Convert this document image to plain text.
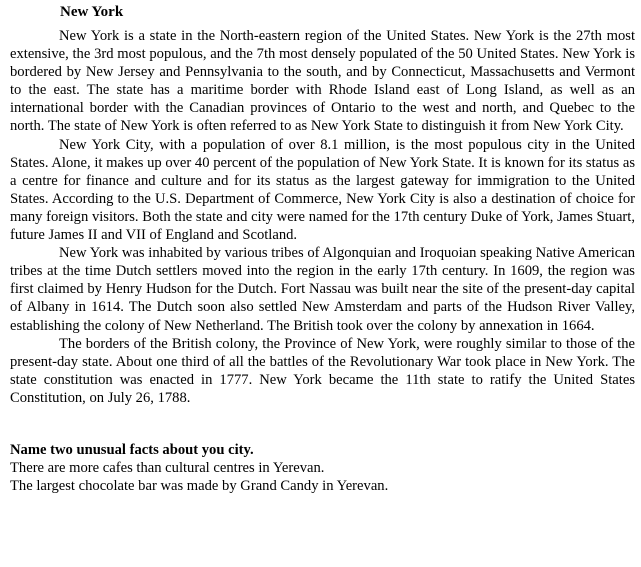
New York

New York is a state in the North-eastern region of the United States. New York is the 27th most extensive, the 3rd most populous, and the 7th most densely populated of the 50 United States. New York is bordered by New Jersey and Pennsylvania to the south, and by Connecticut, Massachusetts and Vermont to the east. The state has a maritime border with Rhode Island east of Long Island, as well as an international border with the Canadian provinces of Ontario to the west and north, and Quebec to the north. The state of New York is often referred to as New York State to distinguish it from New York City.

New York City, with a population of over 8.1 million, is the most populous city in the United States. Alone, it makes up over 40 percent of the population of New York State. It is known for its status as a centre for finance and culture and for its status as the largest gateway for immigration to the United States. According to the U.S. Department of Commerce, New York City is also a destination of choice for many foreign visitors. Both the state and city were named for the 17th century Duke of York, James Stuart, future James II and VII of England and Scotland.

New York was inhabited by various tribes of Algonquian and Iroquoian speaking Native American tribes at the time Dutch settlers moved into the region in the early 17th century. In 1609, the region was first claimed by Henry Hudson for the Dutch. Fort Nassau was built near the site of the present-day capital of Albany in 1614. The Dutch soon also settled New Amsterdam and parts of the Hudson River Valley, establishing the colony of New Netherland. The British took over the colony by annexation in 1664.

The borders of the British colony, the Province of New York, were roughly similar to those of the present-day state. About one third of all the battles of the Revolutionary War took place in New York. The state constitution was enacted in 1777. New York became the 11th state to ratify the United States Constitution, on July 26, 1788.

Name two unusual facts about you city.

There are more cafes than cultural centres in Yerevan.

The largest chocolate bar was made by Grand Candy in Yerevan.
